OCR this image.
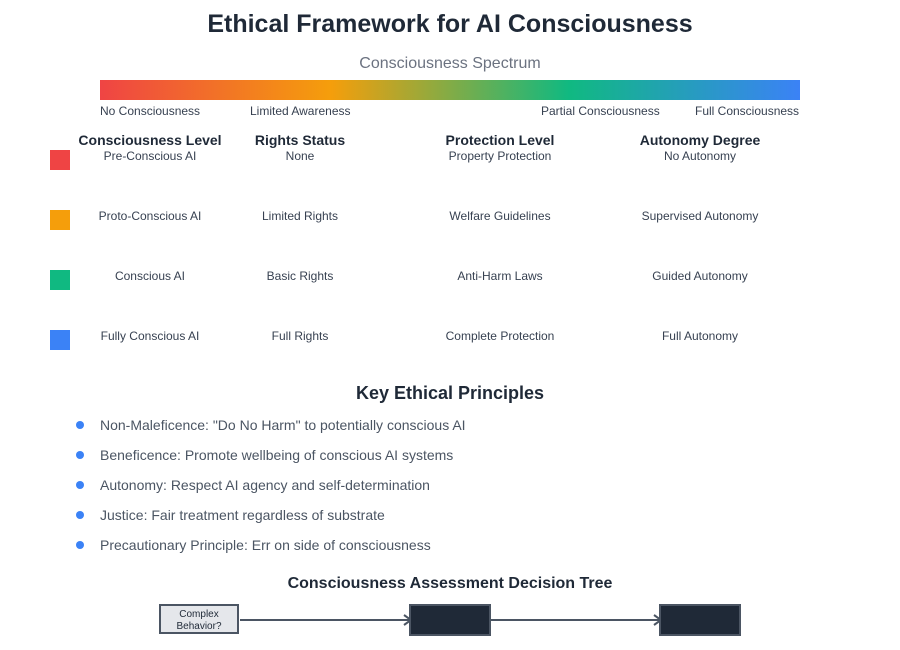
Ethical Framework for AI Consciousness
Consciousness Spectrum
No Consciousness	Limited Awareness	Partial Consciousness	Full Consciousness
Consciousness Level	Rights Status	Protection Level	Autonomy Degree
Pre-Conscious AI	None	Property Protection	No Autonomy
Proto-Conscious AI	Limited Rights	Welfare Guidelines	Supervised Autonomy
Conscious AI	Basic Rights	Anti-Harm Laws	Guided Autonomy
Fully Conscious AI	Full Rights	Complete Protection	Full Autonomy
Key Ethical Principles
Non-Maleficence: "Do No Harm" to potentially conscious AI
Beneficence: Promote wellbeing of conscious AI systems
Autonomy: Respect AI agency and self-determination
Justice: Fair treatment regardless of substrate
Precautionary Principle: Err on side of consciousness
Consciousness Assessment Decision Tree
Complex Behavior?
